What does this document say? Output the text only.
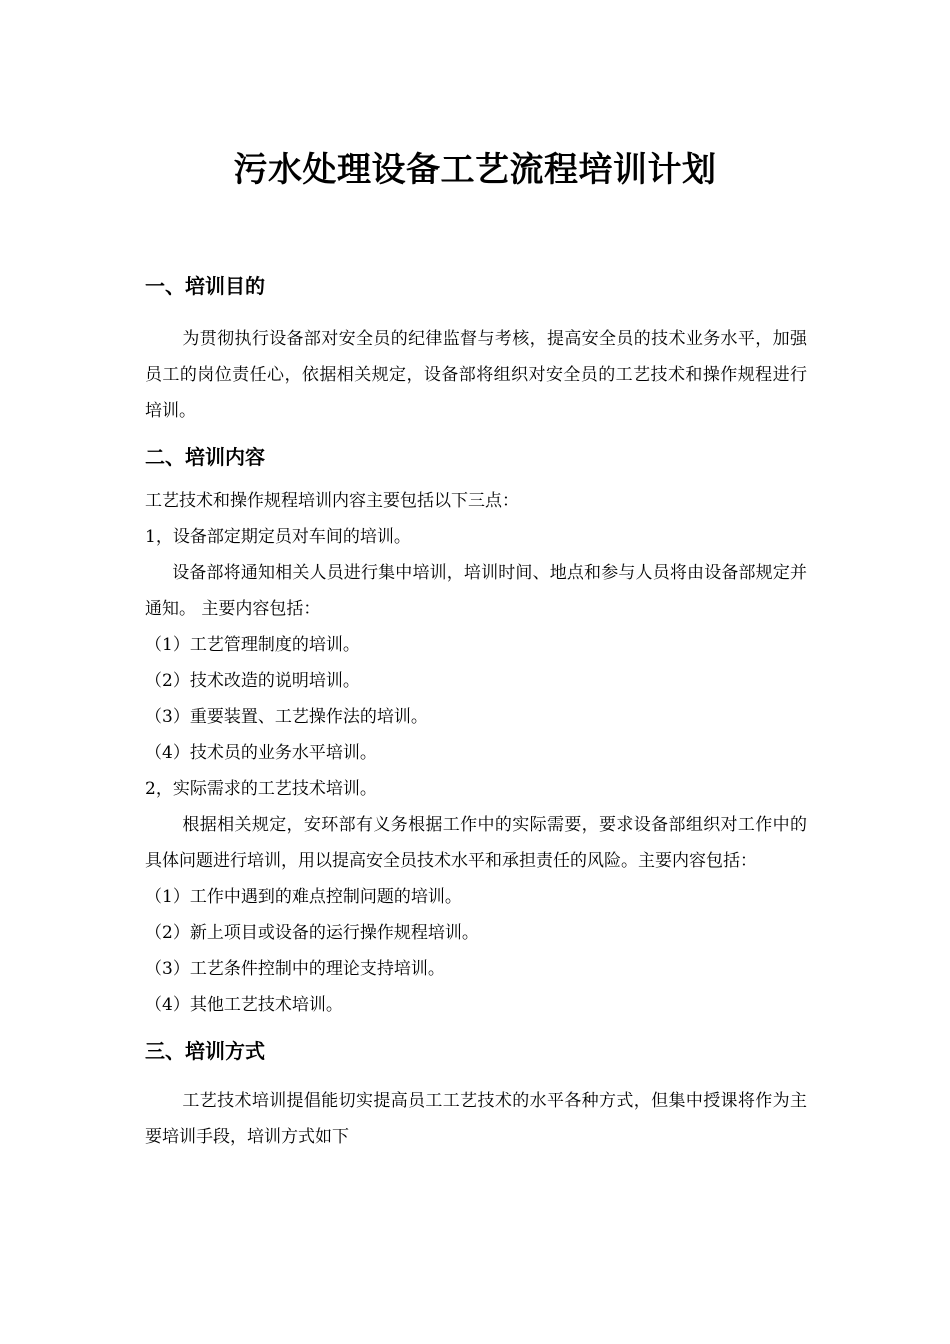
污水处理设备工艺流程培训计划
一、培训目的

为贯彻执行设备部对安全员的纪律监督与考核，提高安全员的技术业务水平，加强员工的岗位责任心，依据相关规定，设备部将组织对安全员的工艺技术和操作规程进行培训。

二、培训内容

工艺技术和操作规程培训内容主要包括以下三点：

1，设备部定期定员对车间的培训。

设备部将通知相关人员进行集中培训，培训时间、地点和参与人员将由设备部规定并通知。 主要内容包括：

（1）工艺管理制度的培训。

（2）技术改造的说明培训。

（3）重要装置、工艺操作法的培训。

（4）技术员的业务水平培训。

2，实际需求的工艺技术培训。

根据相关规定，安环部有义务根据工作中的实际需要，要求设备部组织对工作中的具体问题进行培训，用以提高安全员技术水平和承担责任的风险。主要内容包括：

（1）工作中遇到的难点控制问题的培训。

（2）新上项目或设备的运行操作规程培训。

（3）工艺条件控制中的理论支持培训。

（4）其他工艺技术培训。

三、培训方式

工艺技术培训提倡能切实提高员工工艺技术的水平各种方式，但集中授课将作为主要培训手段，培训方式如下
